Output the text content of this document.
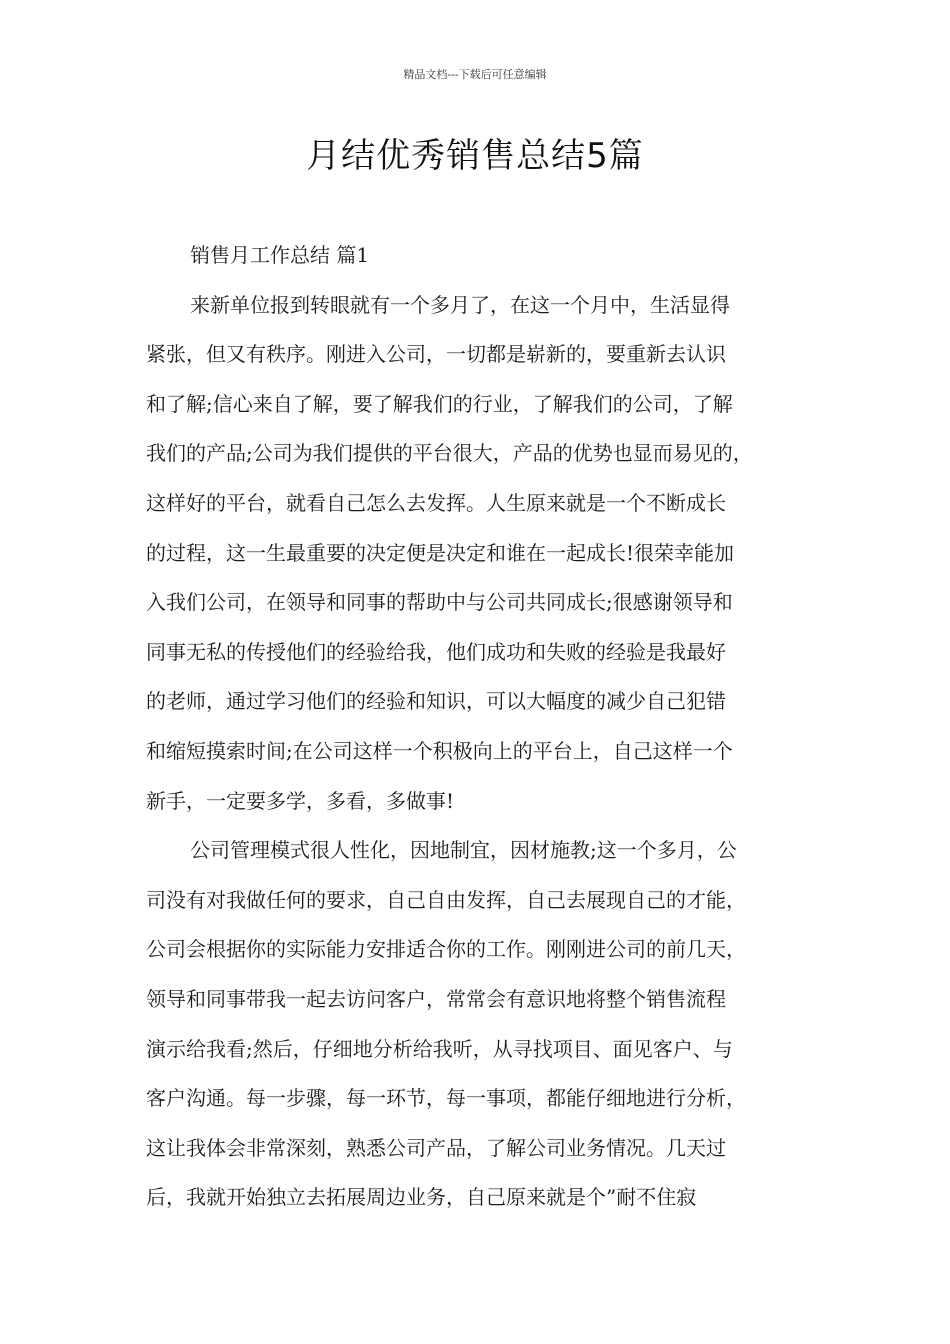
精品文档---下载后可任意编辑
月结优秀销售总结5篇
销售月工作总结 篇1
来新单位报到转眼就有一个多月了，在这一个月中，生活显得
紧张，但又有秩序。刚进入公司，一切都是崭新的，要重新去认识
和了解;信心来自了解，要了解我们的行业，了解我们的公司，了解
我们的产品;公司为我们提供的平台很大，产品的优势也显而易见的，
这样好的平台，就看自己怎么去发挥。人生原来就是一个不断成长
的过程，这一生最重要的决定便是决定和谁在一起成长!很荣幸能加
入我们公司，在领导和同事的帮助中与公司共同成长;很感谢领导和
同事无私的传授他们的经验给我，他们成功和失败的经验是我最好
的老师，通过学习他们的经验和知识，可以大幅度的减少自己犯错
和缩短摸索时间;在公司这样一个积极向上的平台上，自己这样一个
新手，一定要多学，多看，多做事!
公司管理模式很人性化，因地制宜，因材施教;这一个多月，公
司没有对我做任何的要求，自己自由发挥，自己去展现自己的才能，
公司会根据你的实际能力安排适合你的工作。刚刚进公司的前几天，
领导和同事带我一起去访问客户，常常会有意识地将整个销售流程
演示给我看;然后，仔细地分析给我听，从寻找项目、面见客户、与
客户沟通。每一步骤，每一环节，每一事项，都能仔细地进行分析，
这让我体会非常深刻，熟悉公司产品，了解公司业务情况。几天过
后，我就开始独立去拓展周边业务，自己原来就是个”耐不住寂
